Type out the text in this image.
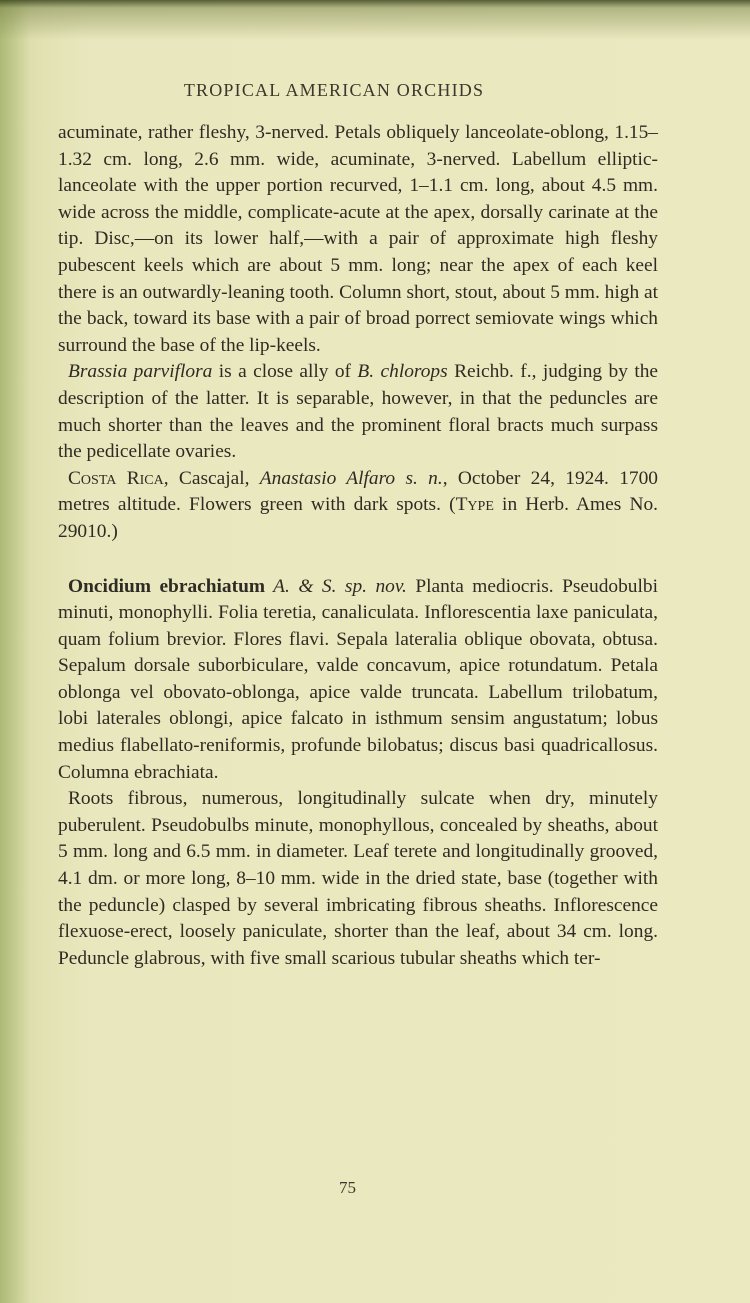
TROPICAL AMERICAN ORCHIDS

acuminate, rather fleshy, 3-nerved. Petals obliquely lanceolate-oblong, 1.15–1.32 cm. long, 2.6 mm. wide, acuminate, 3-nerved. Labellum elliptic-lanceolate with the upper portion recurved, 1–1.1 cm. long, about 4.5 mm. wide across the middle, complicate-acute at the apex, dorsally carinate at the tip. Disc,—on its lower half,—with a pair of approximate high fleshy pubescent keels which are about 5 mm. long; near the apex of each keel there is an outwardly-leaning tooth. Column short, stout, about 5 mm. high at the back, toward its base with a pair of broad porrect semiovate wings which surround the base of the lip-keels.

Brassia parviflora is a close ally of B. chlorops Reichb. f., judging by the description of the latter. It is separable, however, in that the peduncles are much shorter than the leaves and the prominent floral bracts much surpass the pedicellate ovaries.

Costa Rica, Cascajal, Anastasio Alfaro s. n., October 24, 1924. 1700 metres altitude. Flowers green with dark spots. (Type in Herb. Ames No. 29010.)

Oncidium ebrachiatum A. & S. sp. nov. Planta mediocris. Pseudobulbi minuti, monophylli. Folia teretia, canaliculata. Inflorescentia laxe paniculata, quam folium brevior. Flores flavi. Sepala lateralia oblique obovata, obtusa. Sepalum dorsale suborbiculare, valde concavum, apice rotundatum. Petala oblonga vel obovato-oblonga, apice valde truncata. Labellum trilobatum, lobi laterales oblongi, apice falcato in isthmum sensim angustatum; lobus medius flabellato-reniformis, profunde bilobatus; discus basi quadricallosus. Columna ebrachiata.

Roots fibrous, numerous, longitudinally sulcate when dry, minutely puberulent. Pseudobulbs minute, monophyllous, concealed by sheaths, about 5 mm. long and 6.5 mm. in diameter. Leaf terete and longitudinally grooved, 4.1 dm. or more long, 8–10 mm. wide in the dried state, base (together with the peduncle) clasped by several imbricating fibrous sheaths. Inflorescence flexuose-erect, loosely paniculate, shorter than the leaf, about 34 cm. long. Peduncle glabrous, with five small scarious tubular sheaths which ter-

75
